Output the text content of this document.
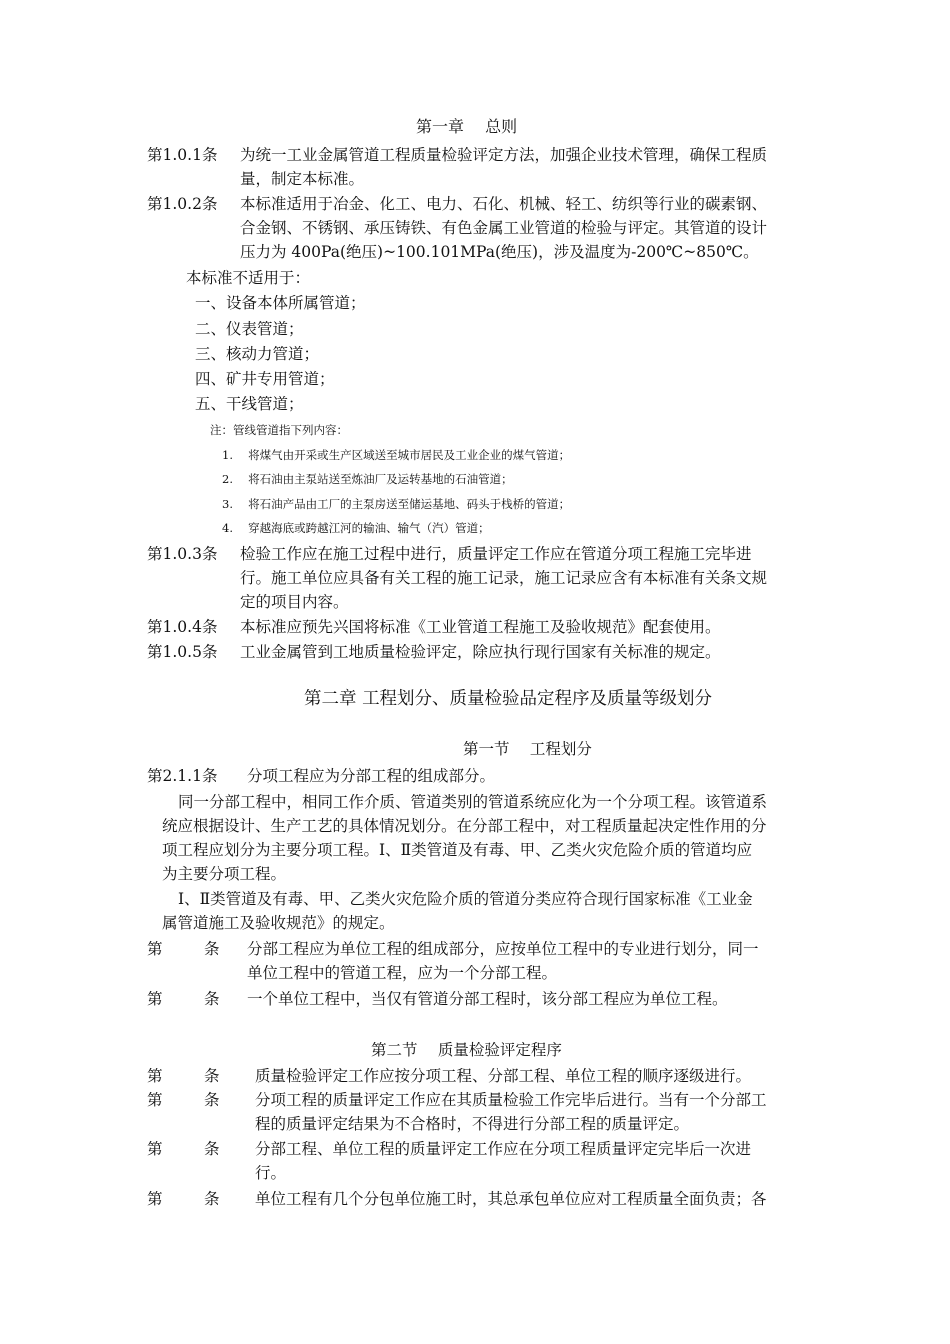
第一章　 总则
第1.0.1条 为统一工业金属管道工程质量检验评定方法，加强企业技术管理，确保工程质
量，制定本标准。
第1.0.2条 本标准适用于冶金、化工、电力、石化、机械、轻工、纺织等行业的碳素钢、
合金钢、不锈钢、承压铸铁、有色金属工业管道的检验与评定。其管道的设计
压力为 400Pa(绝压)~100.101MPa(绝压)，涉及温度为-200℃~850℃。
本标准不适用于：
一、设备本体所属管道；
二、仪表管道；
三、核动力管道；
四、矿井专用管道；
五、干线管道；
注：管线管道指下列内容：
1.　 将煤气由开采或生产区域送至城市居民及工业企业的煤气管道；
2.　 将石油由主泵站送至炼油厂及运转基地的石油管道；
3.　 将石油产品由工厂的主泵房送至储运基地、码头于栈桥的管道；
4.　 穿越海底或跨越江河的输油、输气（汽）管道；
第1.0.3条 检验工作应在施工过程中进行，质量评定工作应在管道分项工程施工完毕进
行。施工单位应具备有关工程的施工记录，施工记录应含有本标准有关条文规
定的项目内容。
第1.0.4条 本标准应预先兴国将标准《工业管道工程施工及验收规范》配套使用。
第1.0.5条 工业金属管到工地质量检验评定，除应执行现行国家有关标准的规定。
第二章 工程划分、质量检验品定程序及质量等级划分
第一节　 工程划分
第2.1.1条 分项工程应为分部工程的组成部分。
同一分部工程中，相同工作介质、管道类别的管道系统应化为一个分项工程。该管道系
统应根据设计、生产工艺的具体情况划分。在分部工程中，对工程质量起决定性作用的分
项工程应划分为主要分项工程。Ⅰ、Ⅱ类管道及有毒、甲、乙类火灾危险介质的管道均应
为主要分项工程。
Ⅰ、Ⅱ类管道及有毒、甲、乙类火灾危险介质的管道分类应符合现行国家标准《工业金
属管道施工及验收规范》的规定。
第	条 分部工程应为单位工程的组成部分，应按单位工程中的专业进行划分，同一
单位工程中的管道工程，应为一个分部工程。
第	条 一个单位工程中，当仅有管道分部工程时，该分部工程应为单位工程。
第二节　 质量检验评定程序
第	条 质量检验评定工作应按分项工程、分部工程、单位工程的顺序逐级进行。
第	条 分项工程的质量评定工作应在其质量检验工作完毕后进行。当有一个分部工
程的质量评定结果为不合格时，不得进行分部工程的质量评定。
第	条 分部工程、单位工程的质量评定工作应在分项工程质量评定完毕后一次进
行。
第	条 单位工程有几个分包单位施工时，其总承包单位应对工程质量全面负责；各
